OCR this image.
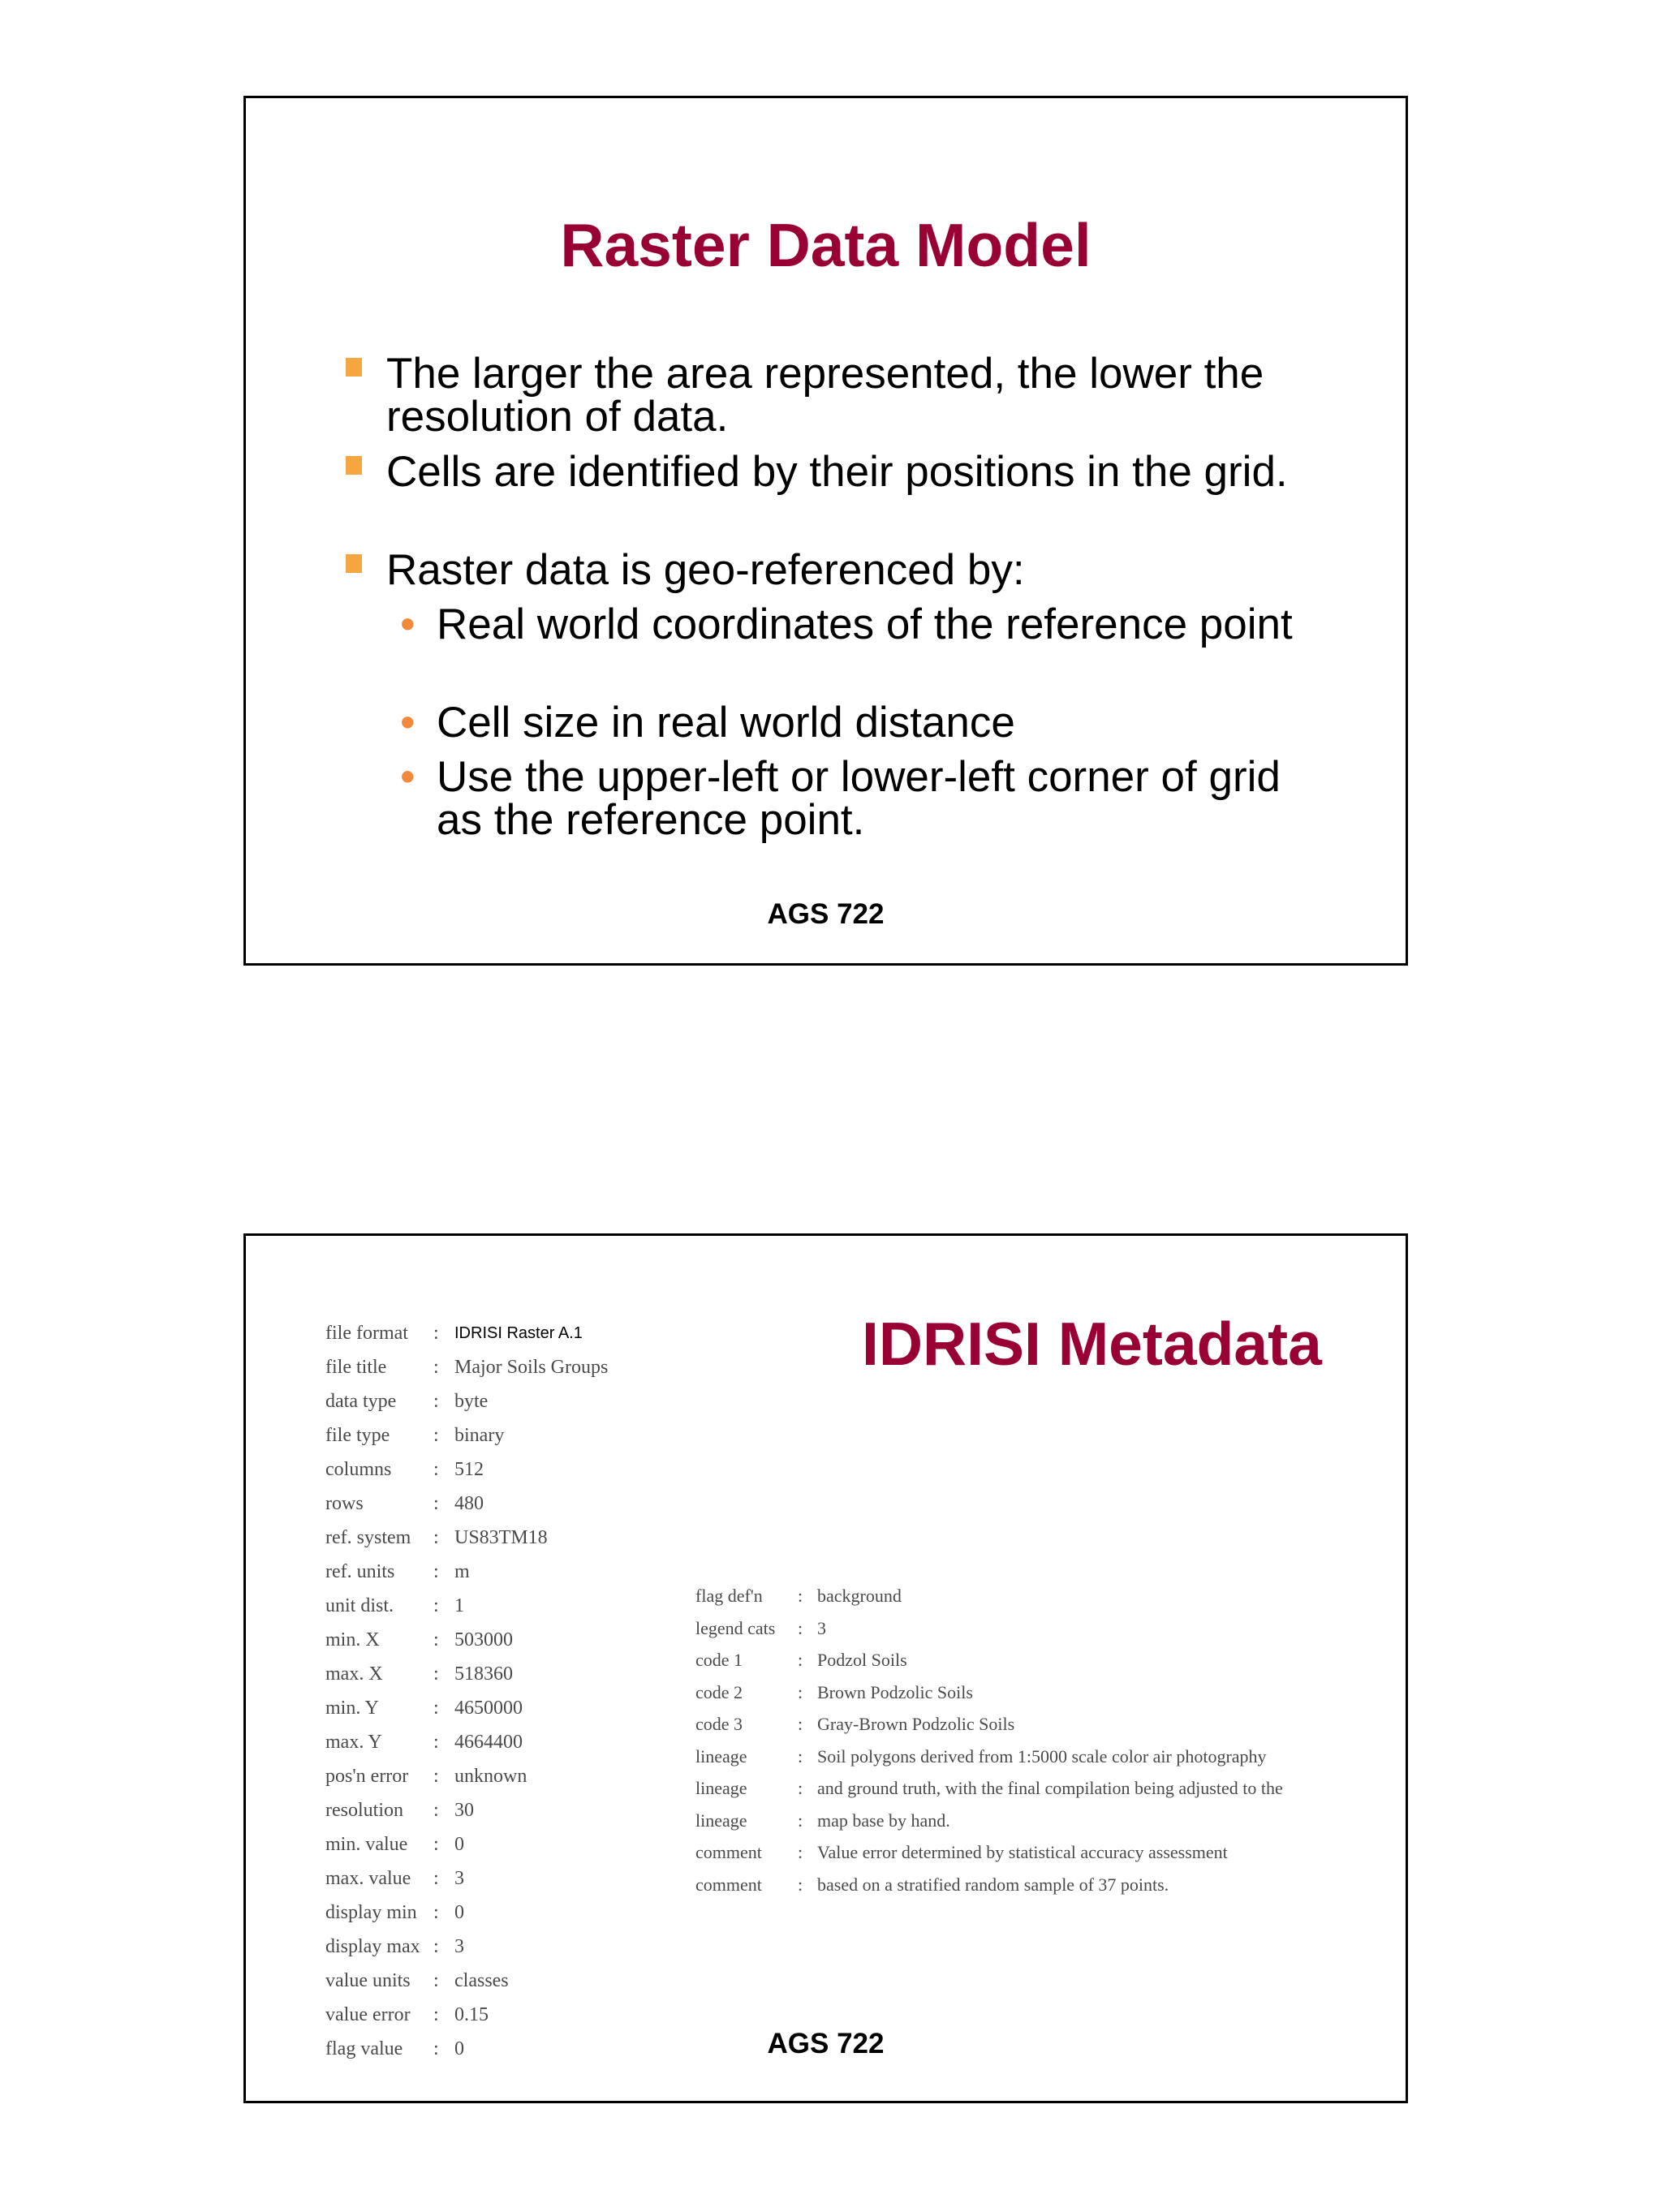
Raster Data Model
The larger the area represented, the lower the resolution of data.
Cells are identified by their positions in the grid.
Raster data is geo-referenced by:
• Real world coordinates of the reference point
• Cell size in real world distance
• Use the upper-left or lower-left corner of grid as the reference point.
AGS 722
file format : IDRISI Raster A.1
file title : Major Soils Groups
data type : byte
file type : binary
columns : 512
rows	: 480
ref. system : US83TM18
ref. units : m
unit dist. : 1
min. X	: 503000
max. X	: 518360
min. Y	: 4650000
max. Y	: 4664400
pos'n error : unknown
resolution : 30
min. value : 0
max. value : 3
display min : 0
display max : 3
value units : classes
value error : 0.15
flag value : 0
IDRISI Metadata
flag def'n : background
legend cats : 3
code 1	: Podzol Soils
code 2	: Brown Podzolic Soils
code 3	: Gray-Brown Podzolic Soils
lineage	: Soil polygons derived from 1:5000 scale color air photography
lineage	: and ground truth, with the final compilation being adjusted to the
lineage	: map base by hand.
comment : Value error determined by statistical accuracy assessment
comment : based on a stratified random sample of 37 points.
AGS 722
